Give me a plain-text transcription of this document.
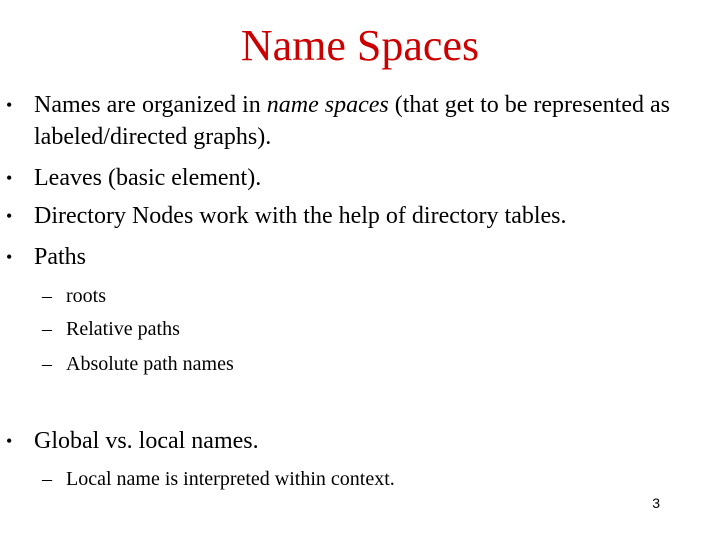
Name Spaces
• Names are organized in name spaces (that get to be represented as labeled/directed graphs).
• Leaves (basic element).
• Directory Nodes work with the help of directory tables.
• Paths
– roots
– Relative paths
– Absolute path names
• Global vs. local names.
– Local name is interpreted within context.
3
